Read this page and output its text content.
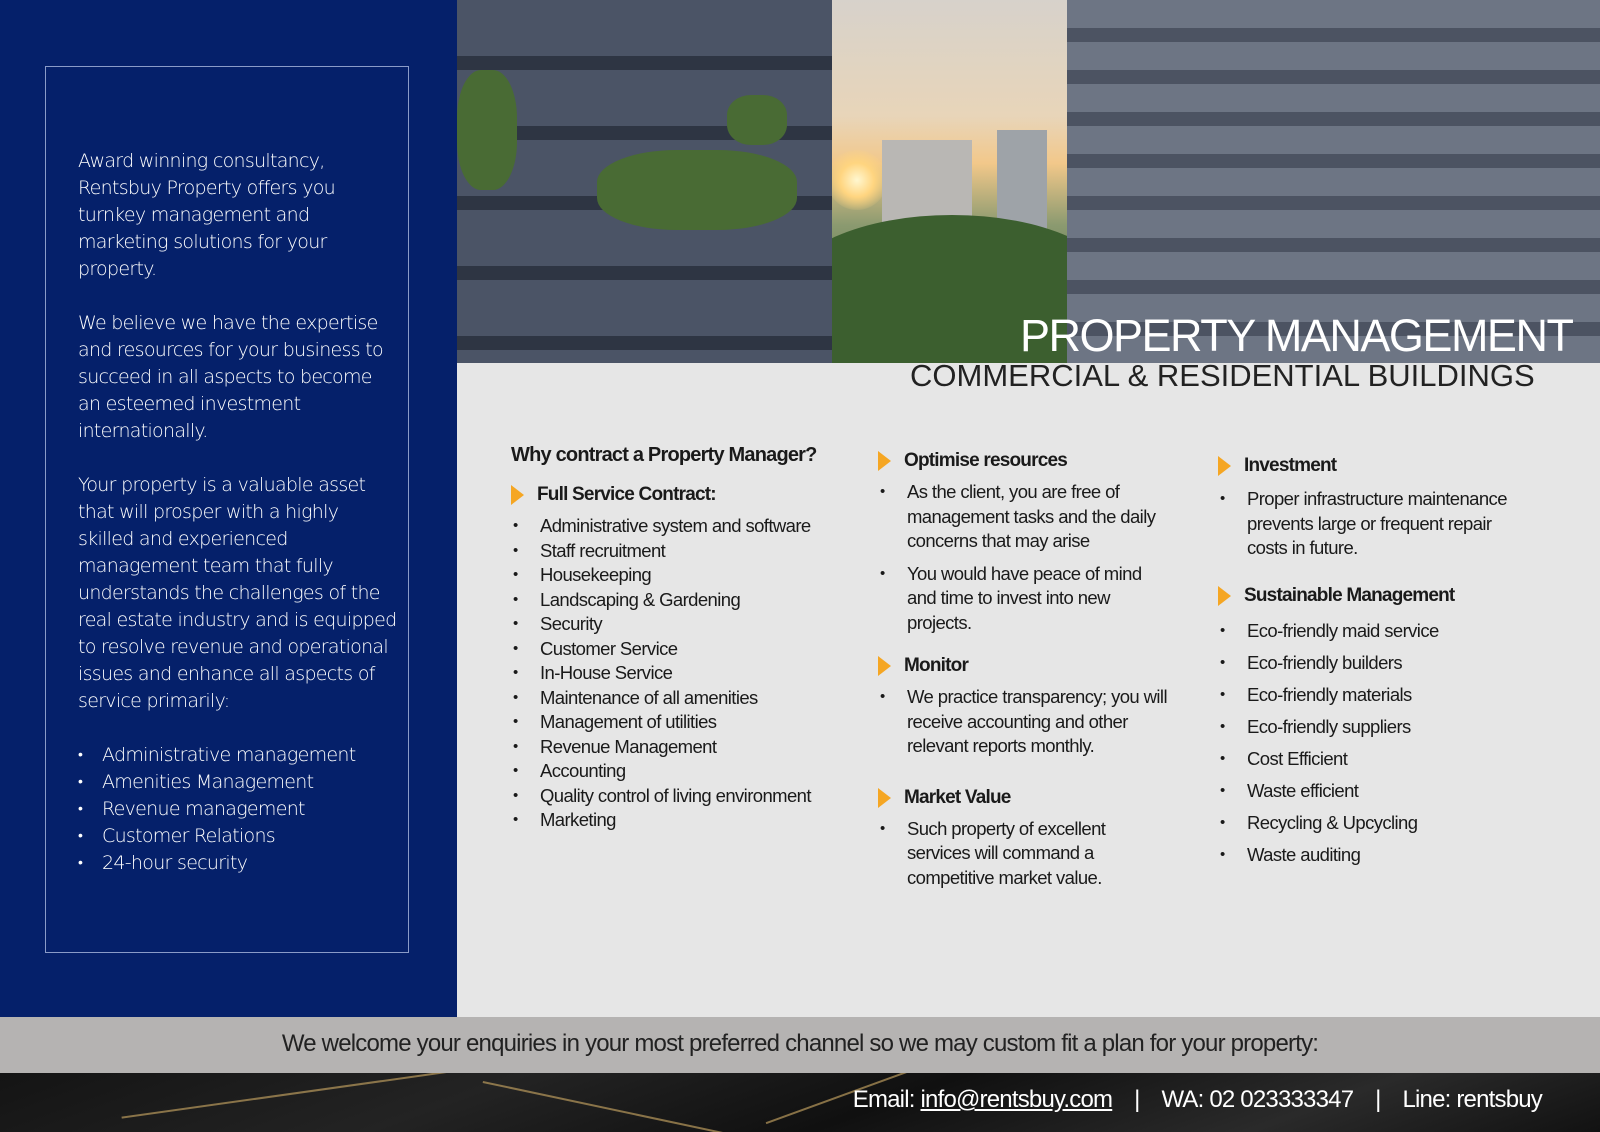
Award winning consultancy, Rentsbuy Property offers you turnkey management and marketing solutions for your property.

We believe we have the expertise and resources for your business to succeed in all aspects to become an esteemed investment internationally.

Your property is a valuable asset that will prosper with a highly skilled and experienced management team that fully understands the challenges of the real estate industry and is equipped to resolve revenue and operational issues and enhance all aspects of service primarily:

• Administrative management
• Amenities Management
• Revenue management
• Customer Relations
• 24-hour security
PROPERTY MANAGEMENT
COMMERCIAL & RESIDENTIAL BUILDINGS
Why contract a Property Manager?
Full Service Contract:
• Administrative system and software
• Staff recruitment
• Housekeeping
• Landscaping & Gardening
• Security
• Customer Service
• In-House Service
• Maintenance of all amenities
• Management of utilities
• Revenue Management
• Accounting
• Quality control of living environment
• Marketing
Optimise resources
• As the client, you are free of management tasks and the daily concerns that may arise
• You would have peace of mind and time to invest into new projects.
Monitor
• We practice transparency; you will receive accounting and other relevant reports monthly.
Market Value
• Such property of excellent services will command a competitive market value.
Investment
• Proper infrastructure maintenance prevents large or frequent repair costs in future.
Sustainable Management
• Eco-friendly maid service
• Eco-friendly builders
• Eco-friendly materials
• Eco-friendly suppliers
• Cost Efficient
• Waste efficient
• Recycling & Upcycling
• Waste auditing
We welcome your enquiries in your most preferred channel so we may custom fit a plan for your property:
Email: info@rentsbuy.com | WA: 02 023333347 | Line: rentsbuy
